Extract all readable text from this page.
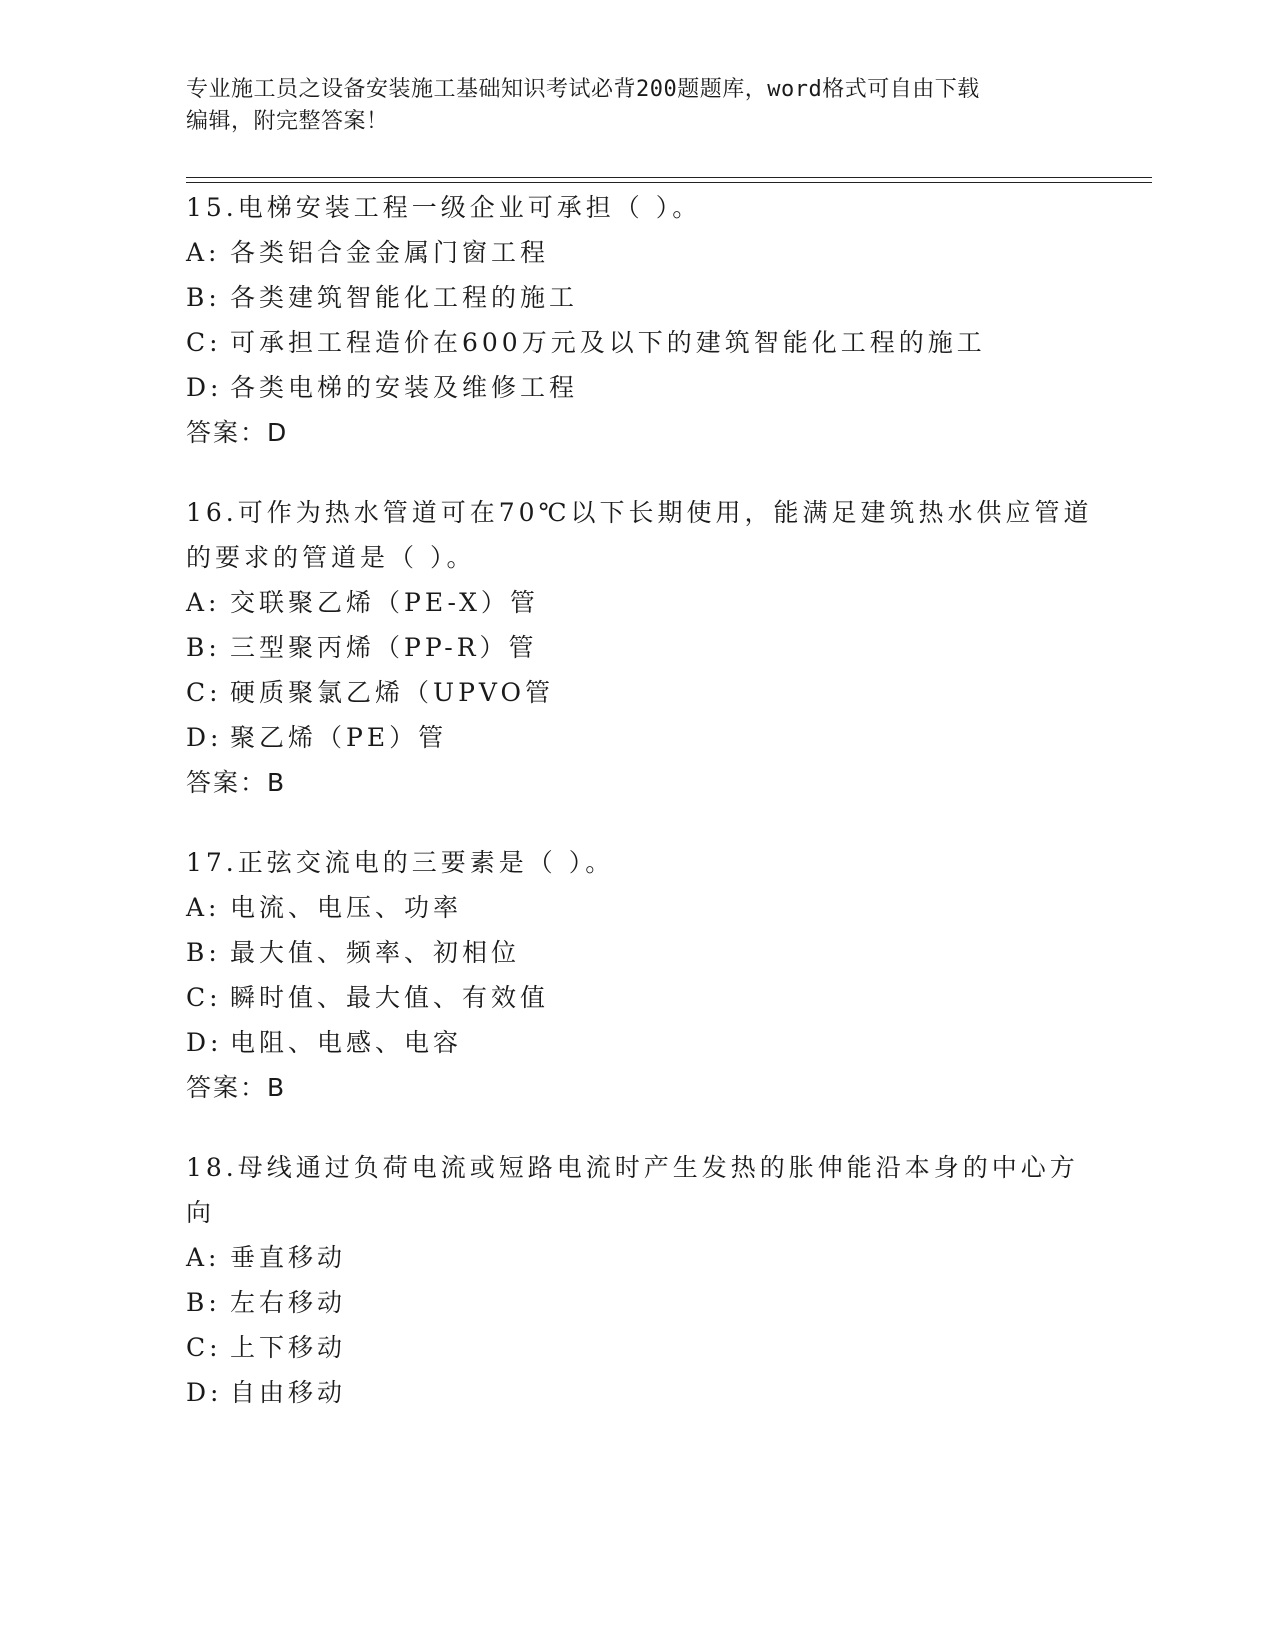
专业施工员之设备安装施工基础知识考试必背200题题库，word格式可自由下载
编辑，附完整答案！
15.电梯安装工程一级企业可承担（ ）。
A: 各类铝合金金属门窗工程
B: 各类建筑智能化工程的施工
C: 可承担工程造价在600万元及以下的建筑智能化工程的施工
D: 各类电梯的安装及维修工程
答案：D
16.可作为热水管道可在70℃以下长期使用，能满足建筑热水供应管道
的要求的管道是（ ）。
A: 交联聚乙烯（PE-X）管
B: 三型聚丙烯（PP-R）管
C: 硬质聚氯乙烯（UPVO管
D: 聚乙烯（PE）管
答案：B
17.正弦交流电的三要素是（ ）。
A: 电流、电压、功率
B: 最大值、频率、初相位
C: 瞬时值、最大值、有效值
D: 电阻、电感、电容
答案：B
18.母线通过负荷电流或短路电流时产生发热的胀伸能沿本身的中心方
向
A: 垂直移动
B: 左右移动
C: 上下移动
D: 自由移动
